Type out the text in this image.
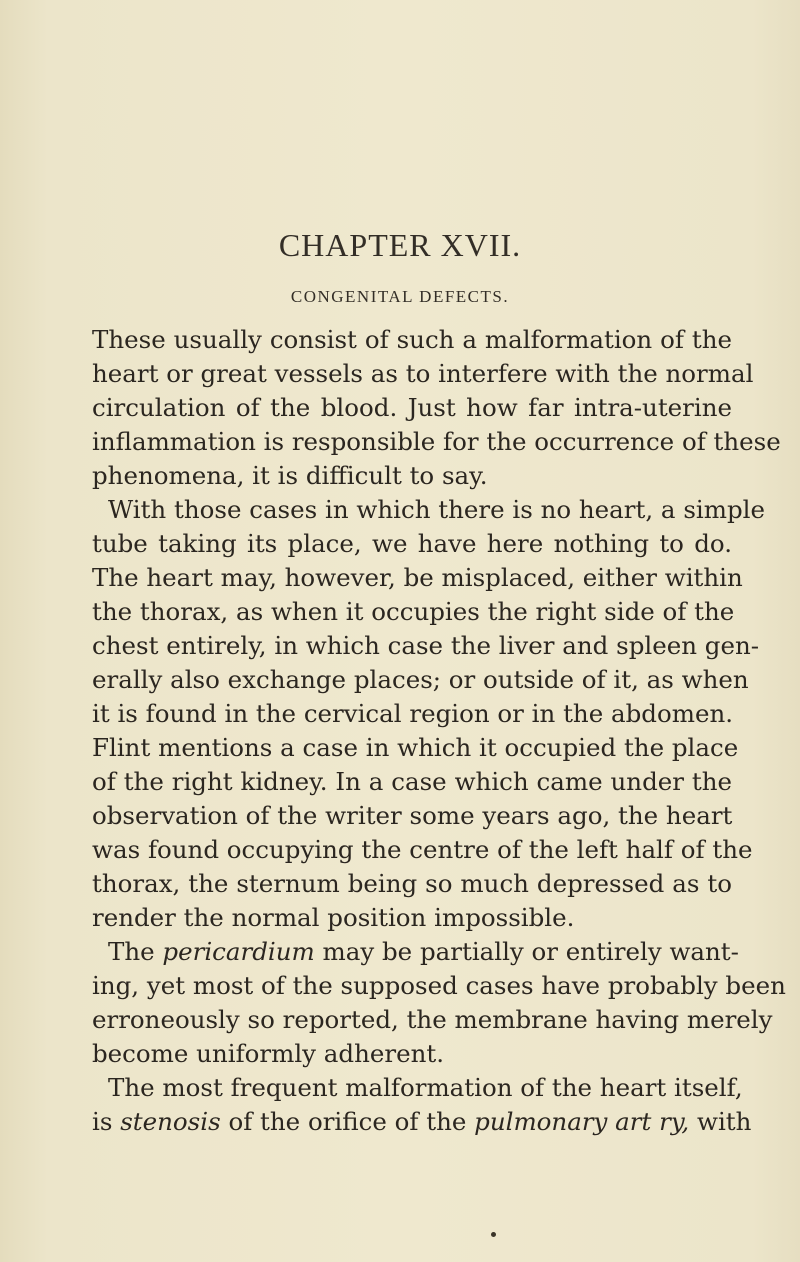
CHAPTER XVII.
CONGENITAL DEFECTS.
These usually consist of such a malformation of the
heart or great vessels as to interfere with the normal
circulation of the blood. Just how far intra-uterine
inflammation is responsible for the occurrence of these
phenomena, it is difficult to say.
With those cases in which there is no heart, a simple
tube taking its place, we have here nothing to do.
The heart may, however, be misplaced, either within
the thorax, as when it occupies the right side of the
chest entirely, in which case the liver and spleen gen-
erally also exchange places; or outside of it, as when
it is found in the cervical region or in the abdomen.
Flint mentions a case in which it occupied the place
of the right kidney. In a case which came under the
observation of the writer some years ago, the heart
was found occupying the centre of the left half of the
thorax, the sternum being so much depressed as to
render the normal position impossible.
The pericardium may be partially or entirely want-
ing, yet most of the supposed cases have probably been
erroneously so reported, the membrane having merely
become uniformly adherent.
The most frequent malformation of the heart itself,
is stenosis of the orifice of the pulmonary art ry, with
